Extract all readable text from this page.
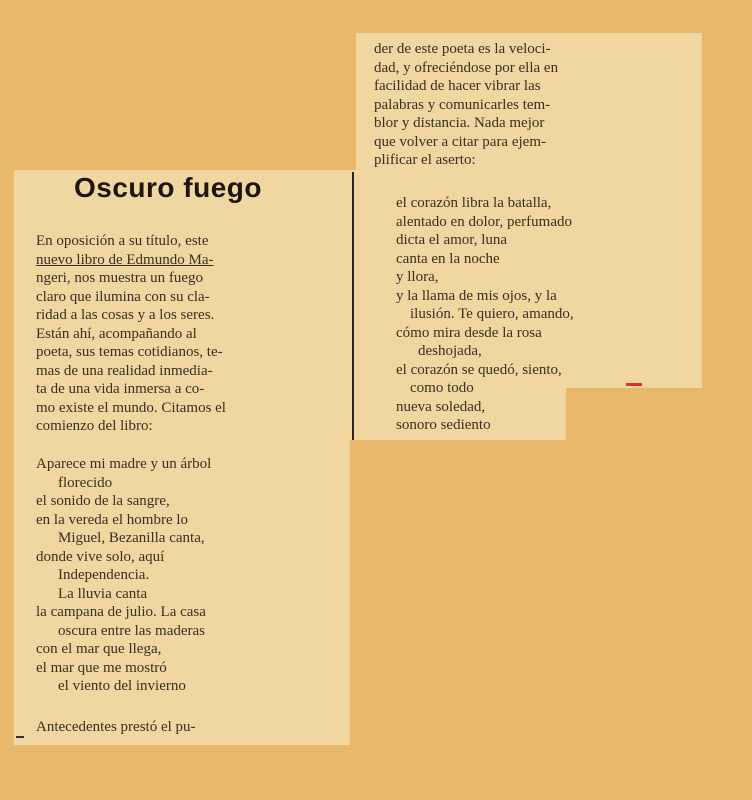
Oscuro fuego
En oposición a su título, este
nuevo libro de Edmundo Ma-
ngeri, nos muestra un fuego
claro que ilumina con su cla-
ridad a las cosas y a los seres.
Están ahí, acompañando al
poeta, sus temas cotidianos, te-
mas de una realidad inmedia-
ta de una vida inmersa a co-
mo existe el mundo. Citamos el
comienzo del libro:
Aparece mi madre y un árbol
florecido
el sonido de la sangre,
en la vereda el hombre lo
Miguel, Bezanilla canta,
donde vive solo, aquí
Independencia.
La lluvia canta
la campana de julio. La casa
oscura entre las maderas
con el mar que llega,
el mar que me mostró
el viento del invierno
Antecedentes prestó el pu-
der de este poeta es la veloci-
dad, y ofreciéndose por ella en
facilidad de hacer vibrar las
palabras y comunicarles tem-
blor y distancia. Nada mejor
que volver a citar para ejem-
plificar el aserto:
el corazón libra la batalla,
alentado en dolor, perfumado
dicta el amor, luna
canta en la noche
y llora,
y la llama de mis ojos, y la
ilusión. Te quiero, amando,
cómo mira desde la rosa
deshojada,
el corazón se quedó, siento,
como todo
nueva soledad,
sonoro sediento
